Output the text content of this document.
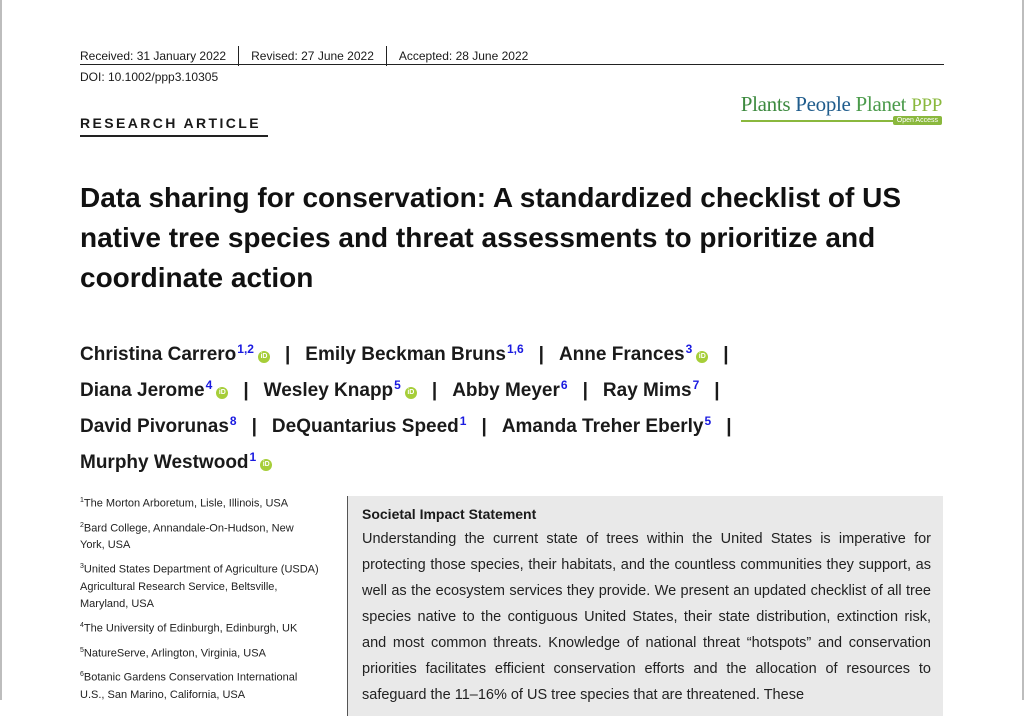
Received: 31 January 2022 Revised: 27 June 2022 Accepted: 28 June 2022
DOI: 10.1002/ppp3.10305
RESEARCH ARTICLE
Plants People Planet PPP
Open Access
Data sharing for conservation: A standardized checklist of US native tree species and threat assessments to prioritize and coordinate action
Christina Carrero$^{1,2}$iD | Emily Beckman Bruns$^{1,6}$ | Anne Frances$^3$iD |
Diana Jerome$^4$iD | Wesley Knapp$^5$iD | Abby Meyer$^6$ | Ray Mims$^7$ |
David Pivorunas$^8$ | DeQuantarius Speed$^1$ | Amanda Treher Eberly$^5$ |
Murphy Westwood$^1$iD
$^1$The Morton Arboretum, Lisle, Illinois, USA
$^2$Bard College, Annandale-On-Hudson, New York, USA
$^3$United States Department of Agriculture (USDA) Agricultural Research Service, Beltsville, Maryland, USA
$^4$The University of Edinburgh, Edinburgh, UK
$^5$NatureServe, Arlington, Virginia, USA
$^6$Botanic Gardens Conservation International U.S., San Marino, California, USA
Societal Impact Statement
Understanding the current state of trees within the United States is imperative for protecting those species, their habitats, and the countless communities they support, as well as the ecosystem services they provide. We present an updated checklist of all tree species native to the contiguous United States, their state distribution, extinction risk, and most common threats. Knowledge of national threat “hotspots” and conservation priorities facilitates efficient conservation efforts and the allocation of resources to safeguard the 11–16% of US tree species that are threatened. These
